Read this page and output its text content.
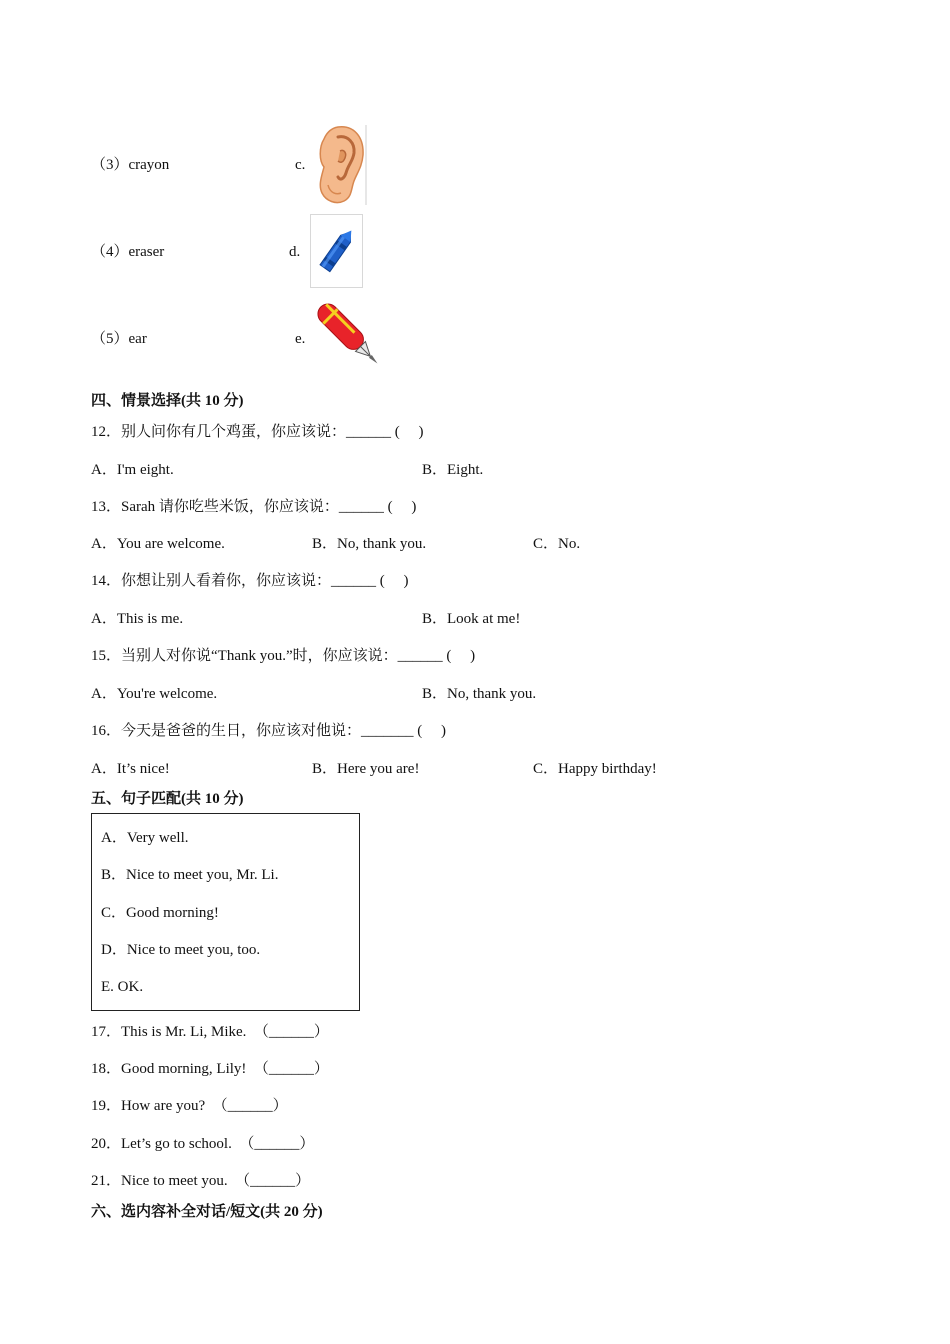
（3）crayon	c.
（4）eraser	d.
（5）ear	e.
四、情景选择(共 10 分)
12．别人问你有几个鸡蛋，你应该说：______ (　 )
A．I'm eight.	B．Eight.
13．Sarah 请你吃些米饭，你应该说：______ (　 )
A．You are welcome.	B．No, thank you.	C．No.
14．你想让别人看着你，你应该说：______ (　 )
A．This is me.	B．Look at me!
15．当别人对你说“Thank you.”时，你应该说：______ (　 )
A．You're welcome.	B．No, thank you.
16．今天是爸爸的生日，你应该对他说：_______ (　 )
A．It’s nice!	B．Here you are!	C．Happy birthday!
五、句子匹配(共 10 分)
A．Very well.
B．Nice to meet you, Mr. Li.
C．Good morning!
D．Nice to meet you, too.
E. OK.
17．This is Mr. Li, Mike.　（______）
18．Good morning, Lily!　（______）
19．How are you?　（______）
20．Let’s go to school.　（______）
21．Nice to meet you.　（______）
六、选内容补全对话/短文(共 20 分)
